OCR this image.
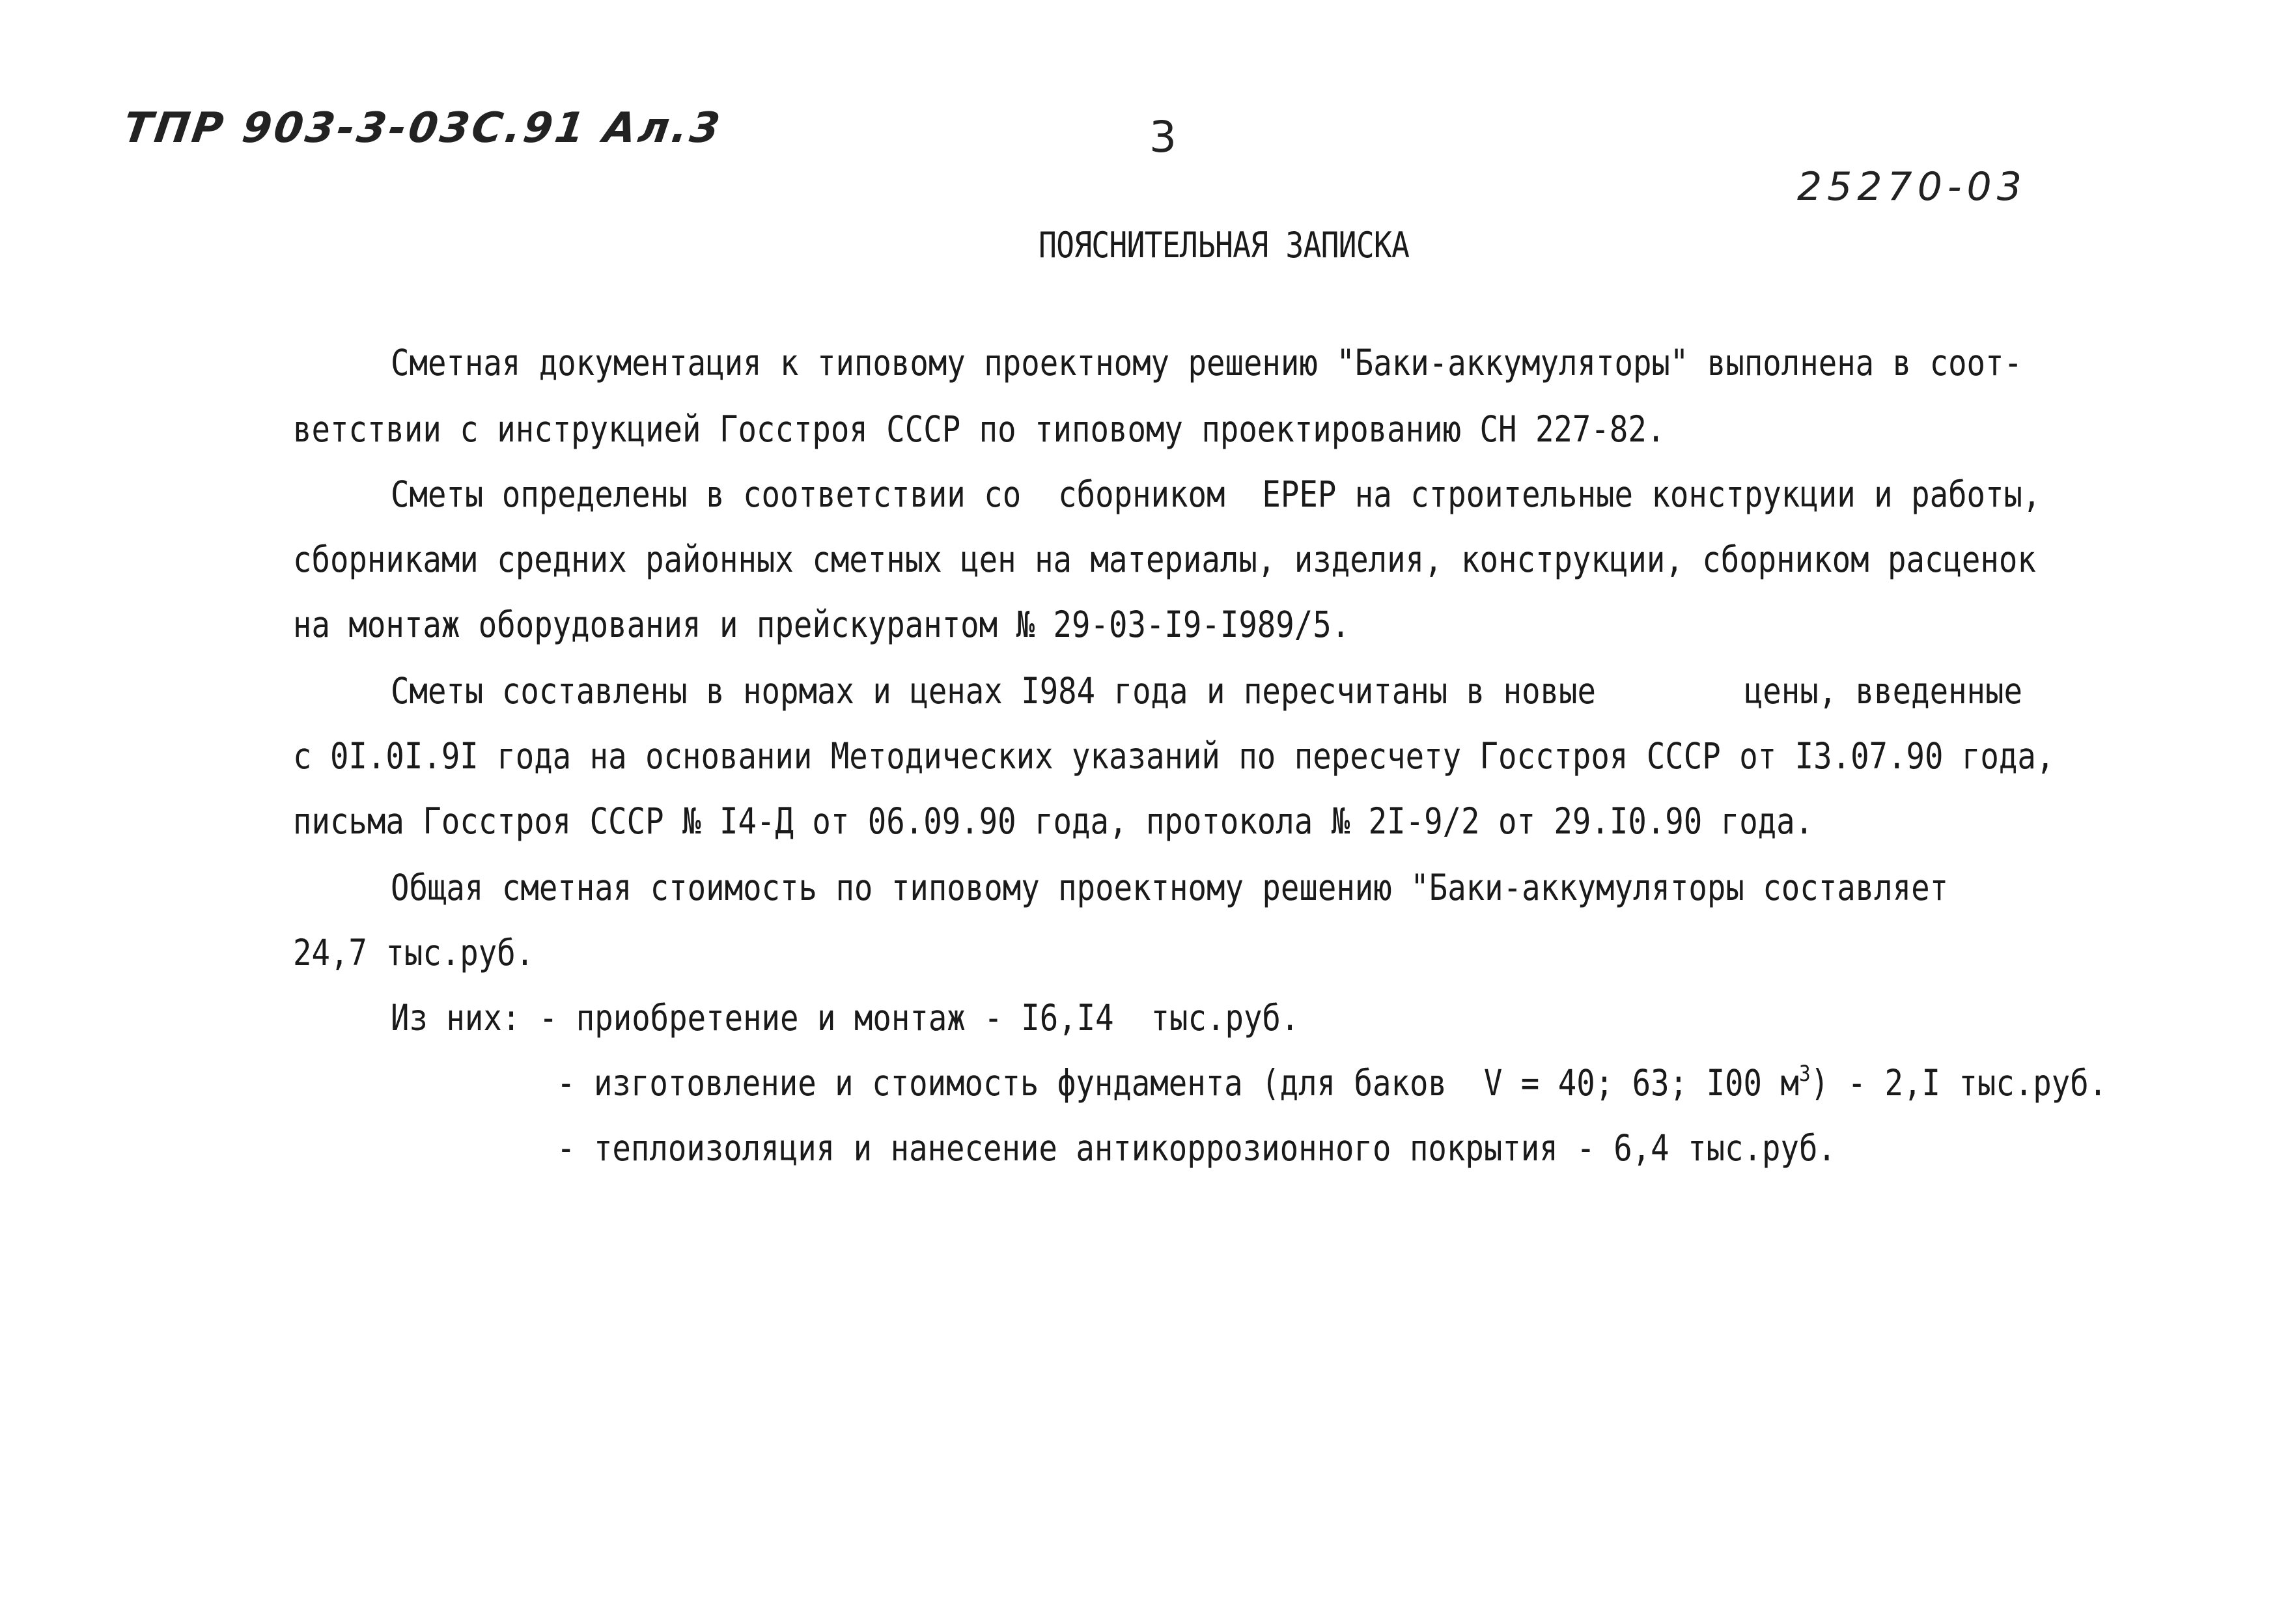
ТПР 903-3-03С.91 Ал.3	3
25270-03
ПОЯСНИТЕЛЬНАЯ ЗАПИСКА
Сметная документация к типовому проектному решению "Баки-аккумуляторы" выполнена в соот-
ветствии с инструкцией Госстроя СССР по типовому проектированию СН 227-82.
Сметы определены в соответствии со  сборником  ЕРЕР на строительные конструкции и работы,
сборниками средних районных сметных цен на материалы, изделия, конструкции, сборником расценок
на монтаж оборудования и прейскурантом № 29-03-I9-I989/5.
Сметы составлены в нормах и ценах I984 года и пересчитаны в новые        цены, введенные
с 0I.0I.9I года на основании Методических указаний по пересчету Госстроя СССР от I3.07.90 года,
письма Госстроя СССР № I4-Д от 06.09.90 года, протокола № 2I-9/2 от 29.I0.90 года.
Общая сметная стоимость по типовому проектному решению "Баки-аккумуляторы составляет
24,7 тыс.руб.
Из них: - приобретение и монтаж - I6,I4  тыс.руб.
- изготовление и стоимость фундамента (для баков  V = 40; 63; I00 $м^3) - 2,I$ тыс.руб.
- теплоизоляция и нанесение антикоррозионного покрытия - 6,4 тыс.руб.
